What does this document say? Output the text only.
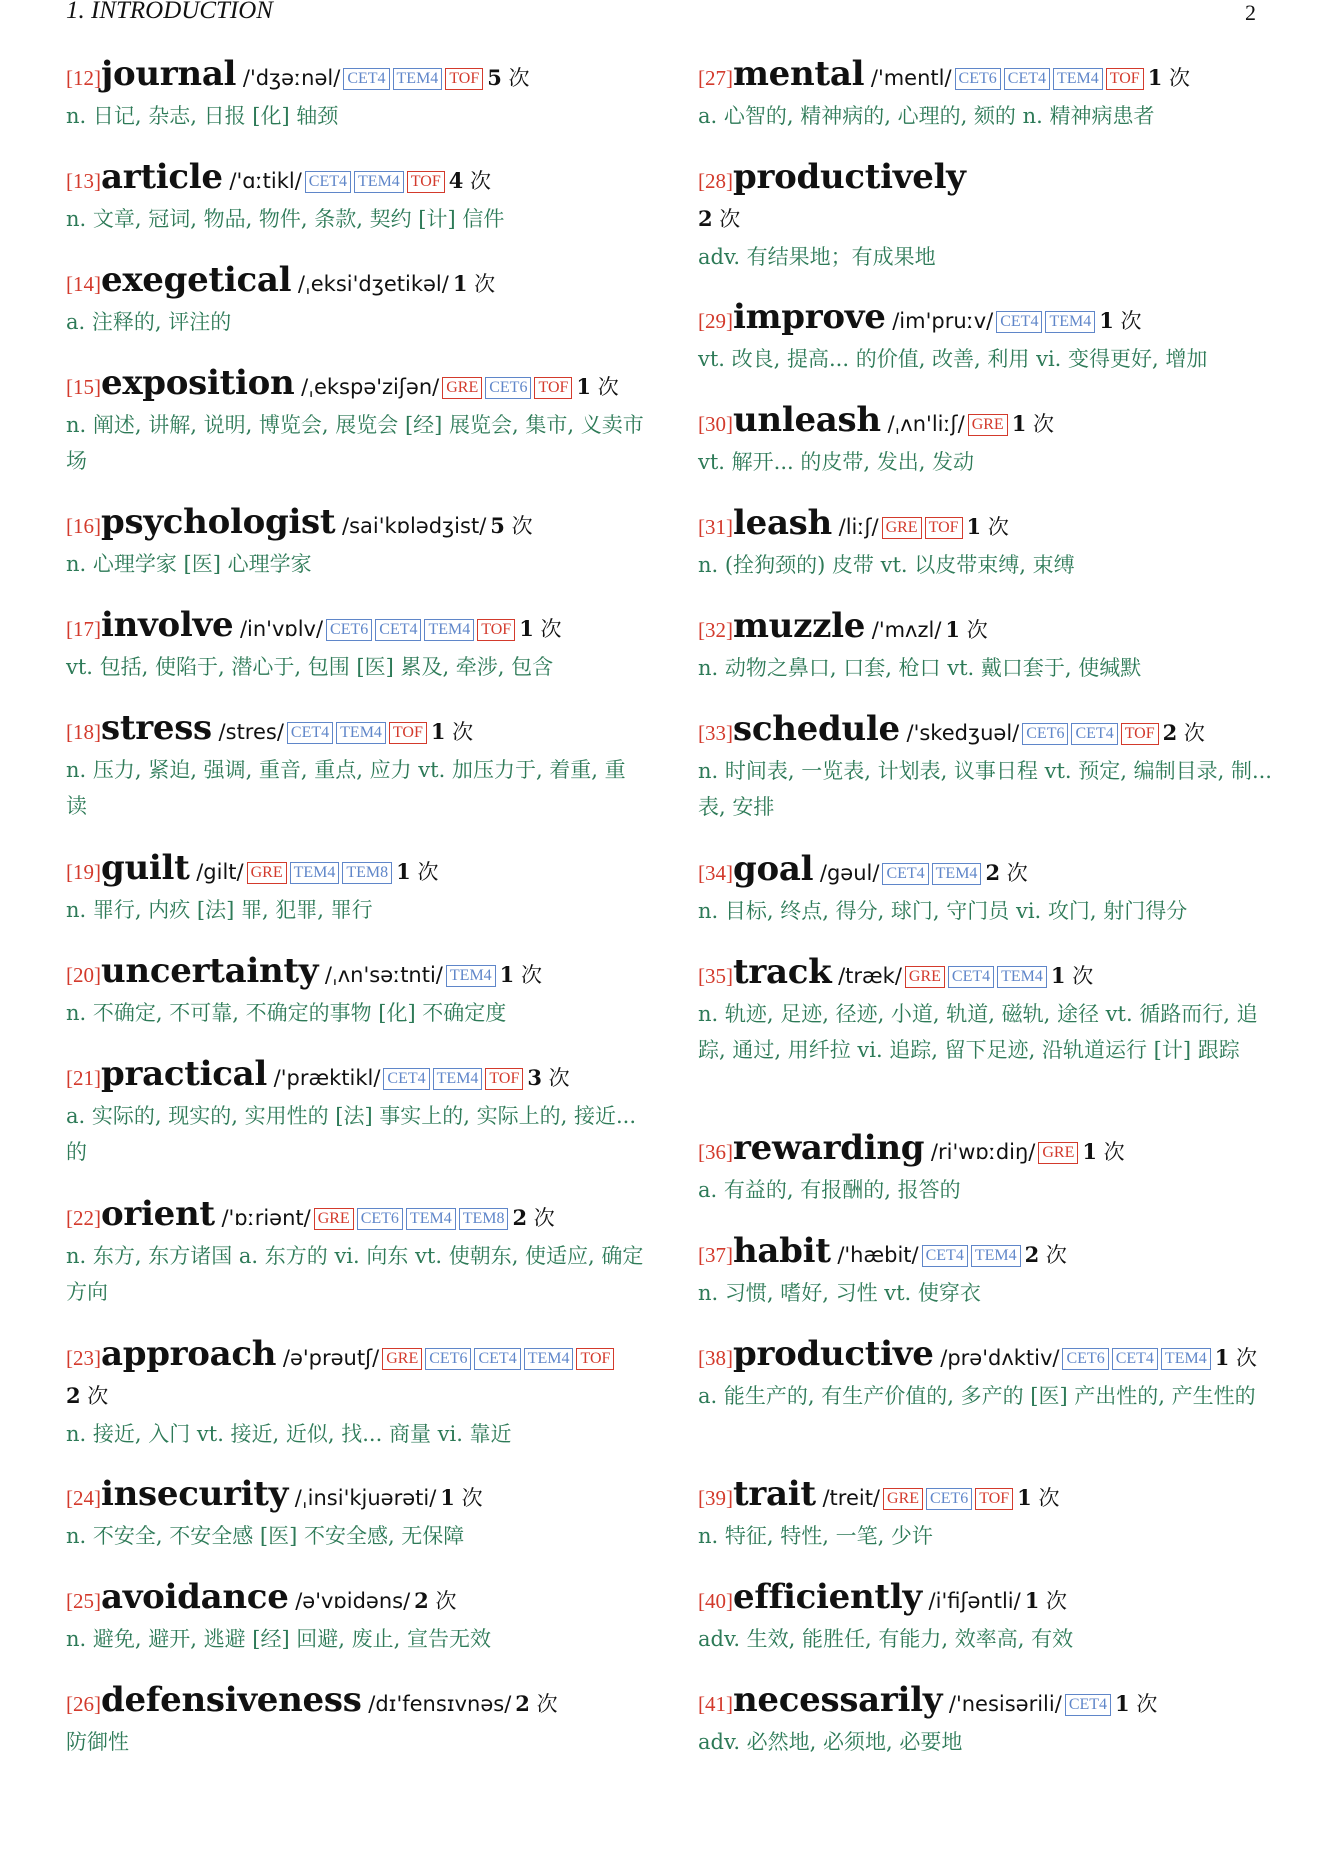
1. INTRODUCTION	2
[12]journal /'dʒəːnəl/ CET4 TEM4 TOF 5 次
n. 日记, 杂志, 日报 [化] 轴颈
[13]article /'ɑːtikl/ CET4 TEM4 TOF 4 次
n. 文章, 冠词, 物品, 物件, 条款, 契约 [计] 信件
[14]exegetical /ˌeksi'dʒetikəl/ 1 次
a. 注释的, 评注的
[15]exposition /ˌekspə'ziʃən/ GRE CET6 TOF 1 次
n. 阐述, 讲解, 说明, 博览会, 展览会 [经] 展览会, 集市, 义卖市场
[16]psychologist /sai'kɒlədʒist/ 5 次
n. 心理学家 [医] 心理学家
[17]involve /in'vɒlv/ CET6 CET4 TEM4 TOF 1 次
vt. 包括, 使陷于, 潜心于, 包围 [医] 累及, 牵涉, 包含
[18]stress /stres/ CET4 TEM4 TOF 1 次
n. 压力, 紧迫, 强调, 重音, 重点, 应力 vt. 加压力于, 着重, 重读
[19]guilt /gilt/ GRE TEM4 TEM8 1 次
n. 罪行, 内疚 [法] 罪, 犯罪, 罪行
[20]uncertainty /ˌʌn'səːtnti/ TEM4 1 次
n. 不确定, 不可靠, 不确定的事物 [化] 不确定度
[21]practical /'præktikl/ CET4 TEM4 TOF 3 次
a. 实际的, 现实的, 实用性的 [法] 事实上的, 实际上的, 接近... 的
[22]orient /'ɒːriənt/ GRE CET6 TEM4 TEM8 2 次
n. 东方, 东方诸国 a. 东方的 vi. 向东 vt. 使朝东, 使适应, 确定方向
[23]approach /ə'prəutʃ/ GRE CET6 CET4 TEM4 TOF
2 次
n. 接近, 入门 vt. 接近, 近似, 找... 商量 vi. 靠近
[24]insecurity /ˌinsi'kjuərəti/ 1 次
n. 不安全, 不安全感 [医] 不安全感, 无保障
[25]avoidance /ə'vɒidəns/ 2 次
n. 避免, 避开, 逃避 [经] 回避, 废止, 宣告无效
[26]defensiveness /dɪ'fensɪvnəs/ 2 次
防御性
[27]mental /'mentl/ CET6 CET4 TEM4 TOF 1 次
a. 心智的, 精神病的, 心理的, 颏的 n. 精神病患者
[28]productively
2 次
adv. 有结果地；有成果地
[29]improve /im'pruːv/ CET4 TEM4 1 次
vt. 改良, 提高... 的价值, 改善, 利用 vi. 变得更好, 增加
[30]unleash /ˌʌn'liːʃ/ GRE 1 次
vt. 解开... 的皮带, 发出, 发动
[31]leash /liːʃ/ GRE TOF 1 次
n. (拴狗颈的) 皮带 vt. 以皮带束缚, 束缚
[32]muzzle /'mʌzl/ 1 次
n. 动物之鼻口, 口套, 枪口 vt. 戴口套于, 使缄默
[33]schedule /'skedʒuəl/ CET6 CET4 TOF 2 次
n. 时间表, 一览表, 计划表, 议事日程 vt. 预定, 编制目录, 制... 表, 安排
[34]goal /gəul/ CET4 TEM4 2 次
n. 目标, 终点, 得分, 球门, 守门员 vi. 攻门, 射门得分
[35]track /træk/ GRE CET4 TEM4 1 次
n. 轨迹, 足迹, 径迹, 小道, 轨道, 磁轨, 途径 vt. 循路而行, 追踪, 通过, 用纤拉 vi. 追踪, 留下足迹, 沿轨道运行 [计] 跟踪
[36]rewarding /ri'wɒːdiŋ/ GRE 1 次
a. 有益的, 有报酬的, 报答的
[37]habit /'hæbit/ CET4 TEM4 2 次
n. 习惯, 嗜好, 习性 vt. 使穿衣
[38]productive /prə'dʌktiv/ CET6 CET4 TEM4 1 次
a. 能生产的, 有生产价值的, 多产的 [医] 产出性的, 产生性的
[39]trait /treit/ GRE CET6 TOF 1 次
n. 特征, 特性, 一笔, 少许
[40]efficiently /i'fiʃəntli/ 1 次
adv. 生效, 能胜任, 有能力, 效率高, 有效
[41]necessarily /'nesisərili/ CET4 1 次
adv. 必然地, 必须地, 必要地
